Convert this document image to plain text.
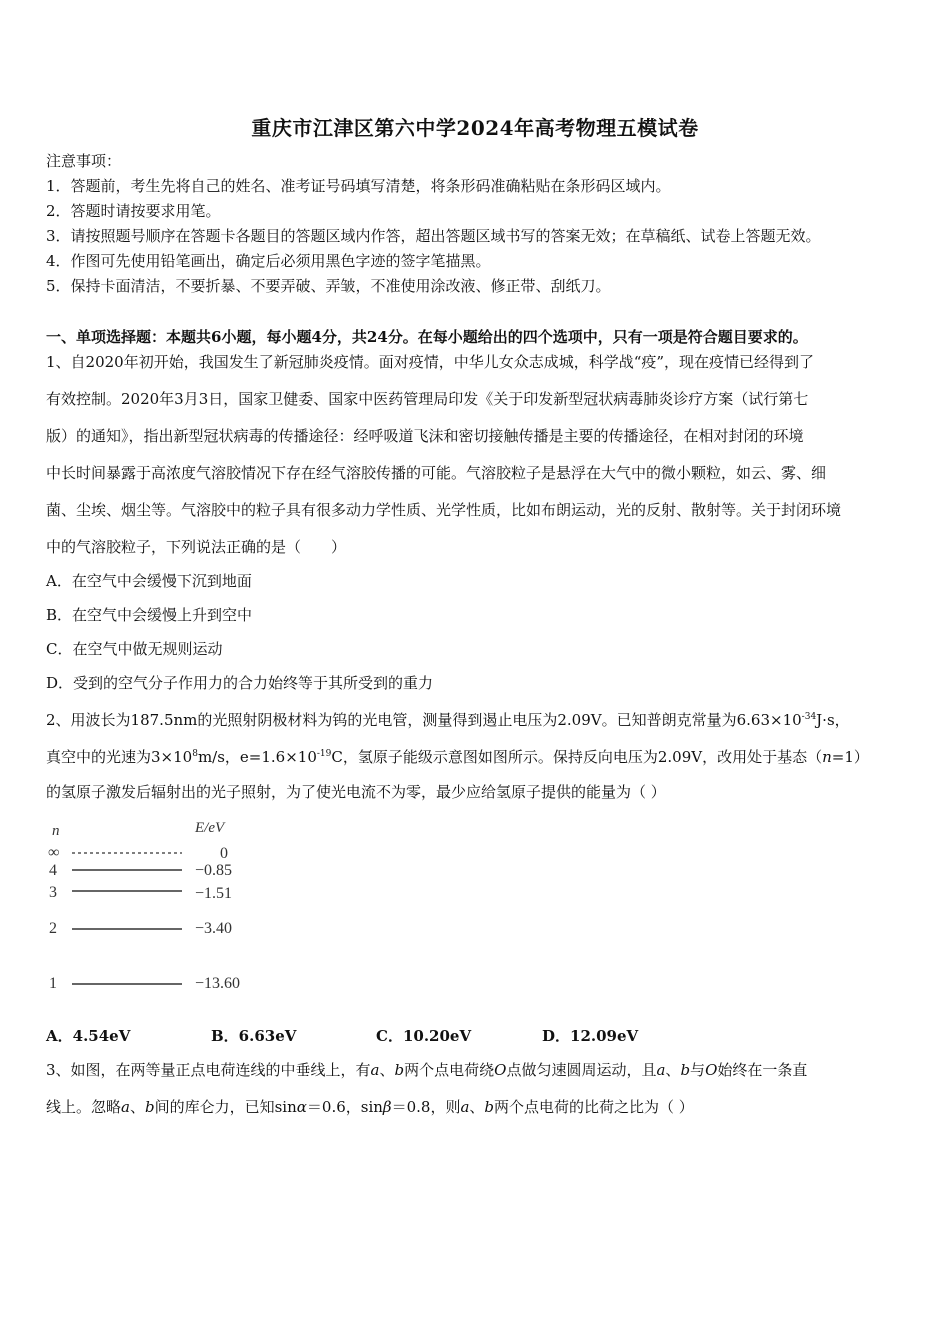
重庆市江津区第六中学2024年高考物理五模试卷
注意事项：
1．答题前，考生先将自己的姓名、准考证号码填写清楚，将条形码准确粘贴在条形码区域内。
2．答题时请按要求用笔。
3．请按照题号顺序在答题卡各题目的答题区域内作答，超出答题区域书写的答案无效；在草稿纸、试卷上答题无效。
4．作图可先使用铅笔画出，确定后必须用黑色字迹的签字笔描黑。
5．保持卡面清洁，不要折暴、不要弄破、弄皱，不准使用涂改液、修正带、刮纸刀。
一、单项选择题：本题共6小题，每小题4分，共24分。在每小题给出的四个选项中，只有一项是符合题目要求的。
1、自2020年初开始，我国发生了新冠肺炎疫情。面对疫情，中华儿女众志成城，科学战“疫”，现在疫情已经得到了
有效控制。2020年3月3日，国家卫健委、国家中医药管理局印发《关于印发新型冠状病毒肺炎诊疗方案（试行第七
版）的通知》，指出新型冠状病毒的传播途径：经呼吸道飞沫和密切接触传播是主要的传播途径，在相对封闭的环境
中长时间暴露于高浓度气溶胶情况下存在经气溶胶传播的可能。气溶胶粒子是悬浮在大气中的微小颗粒，如云、雾、细
菌、尘埃、烟尘等。气溶胶中的粒子具有很多动力学性质、光学性质，比如布朗运动，光的反射、散射等。关于封闭环境
中的气溶胶粒子，下列说法正确的是（　　）
A．在空气中会缓慢下沉到地面
B．在空气中会缓慢上升到空中
C．在空气中做无规则运动
D．受到的空气分子作用力的合力始终等于其所受到的重力
2、用波长为187.5nm的光照射阴极材料为钨的光电管，测量得到遏止电压为2.09V。已知普朗克常量为$6.63\times 10^{-34}J\cdot s$，
真空中的光速为$3\times 10^8m/s$，$e=1.6\times 10^{-19}C$，氢原子能级示意图如图所示。保持反向电压为2.09V，改用处于基态（n=1）
的氢原子激发后辐射出的光子照射，为了使光电流不为零，最少应给氢原子提供的能量为（ ）
n	E/eV
∞	0
4	−0.85
3	−1.51
2	−3.40
1	−13.60
A．4.54eV	B．6.63eV	C．10.20eV	D．12.09eV
3、如图，在两等量正点电荷连线的中垂线上，有a、b两个点电荷绕O点做匀速圆周运动，且a、b与O始终在一条直
线上。忽略a、b间的库仑力，已知sinα＝0.6，sinβ＝0.8，则a、b两个点电荷的比荷之比为（ ）
